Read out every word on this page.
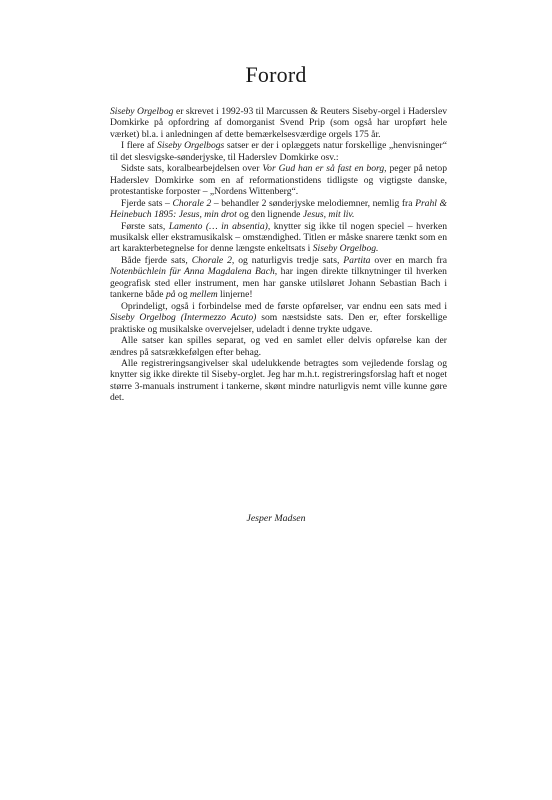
Forord

Siseby Orgelbog er skrevet i 1992-93 til Marcussen & Reuters Siseby-orgel i Haderslev Domkirke på opfordring af domorganist Svend Prip (som også har uropført hele værket) bl.a. i anledningen af dette bemærkelsesværdige orgels 175 år.

I flere af Siseby Orgelbogs satser er der i oplæggets natur forskellige „henvisninger“ til det slesvigske-sønderjyske, til Haderslev Domkirke osv.:

Sidste sats, koralbearbejdelsen over Vor Gud han er så fast en borg, peger på netop Haderslev Domkirke som en af reformationstidens tidligste og vigtigste danske, protestantiske forposter – „Nordens Wittenberg“.

Fjerde sats – Chorale 2 – behandler 2 sønderjyske melodiemner, nemlig fra Prahl & Heinebuch 1895: Jesus, min drot og den lignende Jesus, mit liv.

Første sats, Lamento (… in absentia), knytter sig ikke til nogen speciel – hverken musikalsk eller ekstramusikalsk – omstændighed. Titlen er måske snarere tænkt som en art karakterbetegnelse for denne længste enkeltsats i Siseby Orgelbog.

Både fjerde sats, Chorale 2, og naturligvis tredje sats, Partita over en march fra Notenbüchlein für Anna Magdalena Bach, har ingen direkte tilknytninger til hverken geografisk sted eller instrument, men har ganske utilsløret Johann Sebastian Bach i tankerne både på og mellem linjerne!

Oprindeligt, også i forbindelse med de første opførelser, var endnu een sats med i Siseby Orgelbog (Intermezzo Acuto) som næstsidste sats. Den er, efter forskellige praktiske og musikalske overvejelser, udeladt i denne trykte udgave.

Alle satser kan spilles separat, og ved en samlet eller delvis opførelse kan der ændres på satsrækkefølgen efter behag.

Alle registreringsangivelser skal udelukkende betragtes som vejledende forslag og knytter sig ikke direkte til Siseby-orglet. Jeg har m.h.t. registreringsforslag haft et noget større 3-manuals instrument i tankerne, skønt mindre naturligvis nemt ville kunne gøre det.

Jesper Madsen
